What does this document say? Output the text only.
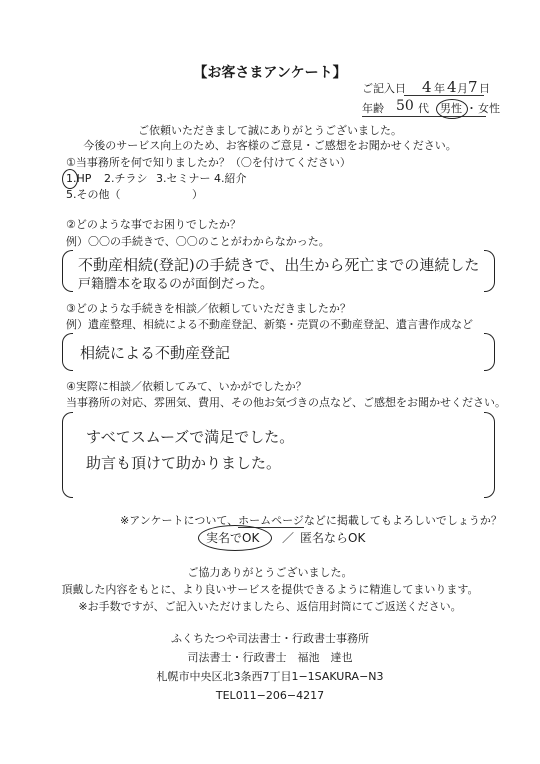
【お客さまアンケート】
ご記入日 4 年 4 月 7 日
年齢 50 代 男性 ・ 女性
ご依頼いただきまして誠にありがとうございました。
今後のサービス向上のため、お客様のご意見・ご感想をお聞かせください。
①当事務所を何で知りましたか？（〇を付けてください）
1.HP 2.チラシ 3.セミナー 4.紹介
5.その他（	）
②どのような事でお困りでしたか？
例）〇〇の手続きで、〇〇のことがわからなかった。
不動産相続(登記)の手続きで、出生から死亡までの連続した
戸籍謄本を取るのが面倒だった。
③どのような手続きを相談／依頼していただきましたか？
例）遺産整理、相続による不動産登記、新築・売買の不動産登記、遺言書作成など
相続による不動産登記
④実際に相談／依頼してみて、いかがでしたか？
当事務所の対応、雰囲気、費用、その他お気づきの点など、ご感想をお聞かせください。
すべてスムーズで満足でした。
助言も頂けて助かりました。
※アンケートについて、ホームページなどに掲載してもよろしいでしょうか？
実名でOK ／ 匿名ならOK
ご協力ありがとうございました。
頂戴した内容をもとに、より良いサービスを提供できるように精進してまいります。
※お手数ですが、ご記入いただけましたら、返信用封筒にてご返送ください。
ふくちたつや司法書士・行政書士事務所
司法書士・行政書士　福池　達也
札幌市中央区北3条西7丁目1−1SAKURA−N3
TEL011−206−4217
